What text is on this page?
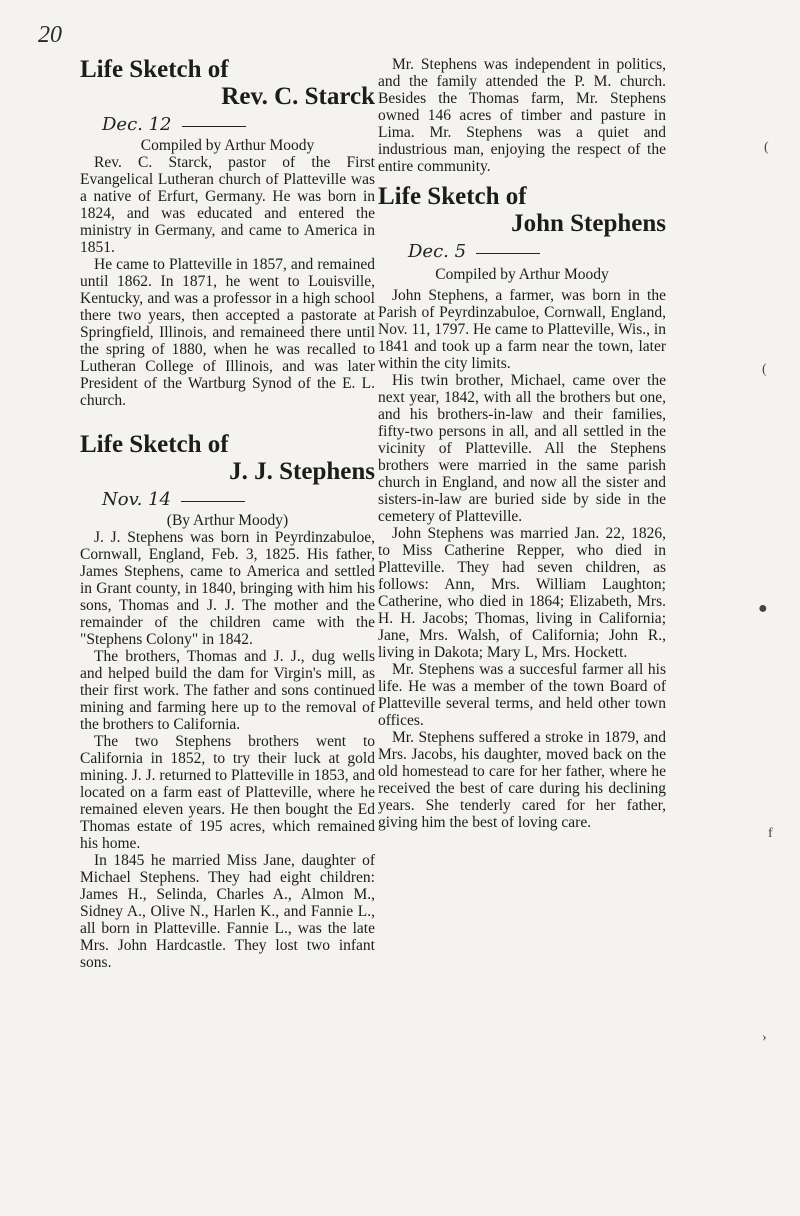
20
Life Sketch of
Rev. C. Starck
Dec. 12

Compiled by Arthur Moody

Rev. C. Starck, pastor of the First Evangelical Lutheran church of Platteville was a native of Erfurt, Germany. He was born in 1824, and was educated and entered the ministry in Germany, and came to America in 1851.

He came to Platteville in 1857, and remained until 1862. In 1871, he went to Louisville, Kentucky, and was a professor in a high school there two years, then accepted a pastorate at Springfield, Illinois, and remaineed there until the spring of 1880, when he was recalled to Lutheran College of Illinois, and was later President of the Wartburg Synod of the E. L. church.

Life Sketch of
J. J. Stephens
Nov. 14

(By Arthur Moody)

J. J. Stephens was born in Peyrdinzabuloe, Cornwall, England, Feb. 3, 1825. His father, James Stephens, came to America and settled in Grant county, in 1840, bringing with him his sons, Thomas and J. J. The mother and the remainder of the children came with the "Stephens Colony" in 1842.

The brothers, Thomas and J. J., dug wells and helped build the dam for Virgin's mill, as their first work. The father and sons continued mining and farming here up to the removal of the brothers to California.

The two Stephens brothers went to California in 1852, to try their luck at gold mining. J. J. returned to Platteville in 1853, and located on a farm east of Platteville, where he remained eleven years. He then bought the Ed Thomas estate of 195 acres, which remained his home.

In 1845 he married Miss Jane, daughter of Michael Stephens. They had eight children: James H., Selinda, Charles A., Almon M., Sidney A., Olive N., Harlen K., and Fannie L., all born in Platteville. Fannie L., was the late Mrs. John Hardcastle. They lost two infant sons.

Mr. Stephens was independent in politics, and the family attended the P. M. church. Besides the Thomas farm, Mr. Stephens owned 146 acres of timber and pasture in Lima. Mr. Stephens was a quiet and industrious man, enjoying the respect of the entire community.

Life Sketch of
John Stephens
Dec. 5

Compiled by Arthur Moody

John Stephens, a farmer, was born in the Parish of Peyrdinzabuloe, Cornwall, England, Nov. 11, 1797. He came to Platteville, Wis., in 1841 and took up a farm near the town, later within the city limits.

His twin brother, Michael, came over the next year, 1842, with all the brothers but one, and his brothers-in-law and their families, fifty-two persons in all, and all settled in the vicinity of Platteville. All the Stephens brothers were married in the same parish church in England, and now all the sister and sisters-in-law are buried side by side in the cemetery of Platteville.

John Stephens was married Jan. 22, 1826, to Miss Catherine Repper, who died in Platteville. They had seven children, as follows: Ann, Mrs. William Laughton; Catherine, who died in 1864; Elizabeth, Mrs. H. H. Jacobs; Thomas, living in California; Jane, Mrs. Walsh, of California; John R., living in Dakota; Mary L, Mrs. Hockett.

Mr. Stephens was a succesful farmer all his life. He was a member of the town Board of Platteville several terms, and held other town offices.

Mr. Stephens suffered a stroke in 1879, and Mrs. Jacobs, his daughter, moved back on the old homestead to care for her father, where he received the best of care during his declining years. She tenderly cared for her father, giving him the best of loving care.

(
(
●
f
›
